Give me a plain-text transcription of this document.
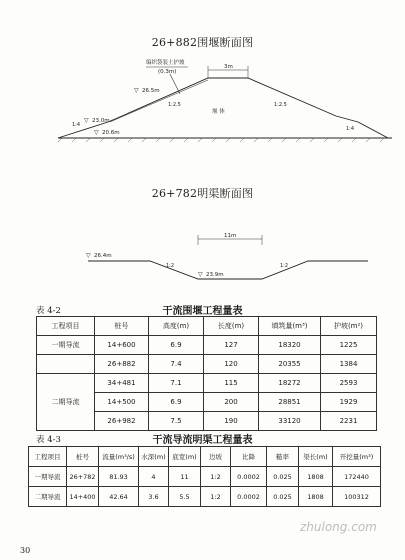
26+882围堰断面图
编织袋装土护坡
(0.3m)
3m
▽ 26.5m
▽ 23.0m
▽ 20.6m
1:2.5
1:4
1:2.5
1:4
堰 体
26+782明渠断面图
11m
▽ 26.4m
▽ 23.9m
1:2	1:2
表 4-2	干流围堰工程量表
工程项目	桩号	高度(m)	长度(m)	填筑量(m³)	护坡(m²)
一期导流	14+600	6.9	127	18320	1225
	26+882	7.4	120	20355	1384
二期导流	34+481	7.1	115	18272	2593
	14+500	6.9	200	28851	1929
	26+982	7.5	190	33120	2231
表 4-3	干流导流明渠工程量表
工程项目	桩号	流量(m³/s)	水深(m)	底宽(m)	边坡	比降	糙率	渠长(m)	开挖量(m³)
一期导流	26+782	81.93	4	11	1:2	0.0002	0.025	1808	172440
二期导流	14+400	42.64	3.6	5.5	1:2	0.0002	0.025	1808	100312
zhulong.com
30
